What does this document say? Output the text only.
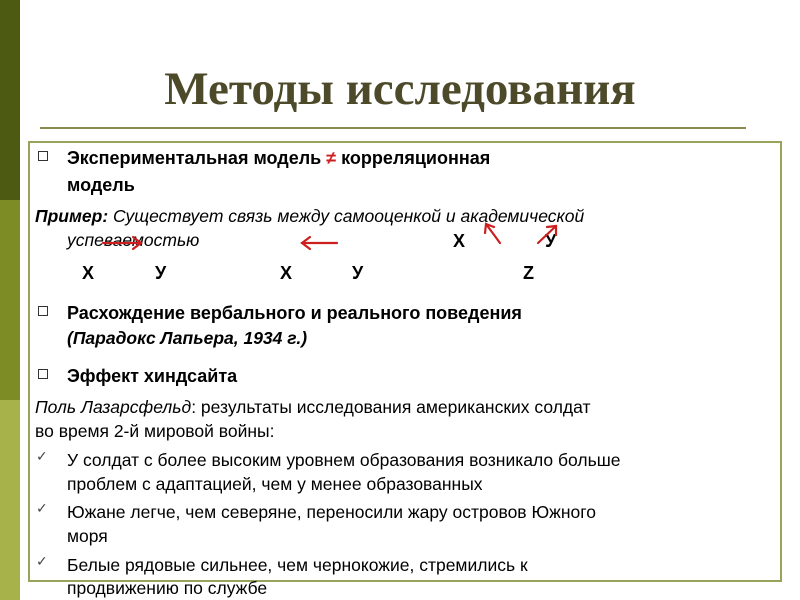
Методы исследования
Экспериментальная модель ≠ корреляционная
модель
Пример: Существует связь между самооценкой и академической
успеваемостью	X	У
X	У	X	У	Z
Расхождение вербального и реального поведения
(Парадокс Лапьера, 1934 г.)
Эффект хиндсайта
Поль Лазарсфельд: результаты исследования американских солдат
во время 2-й мировой войны:
✓ У солдат с более высоким уровнем образования возникало больше
проблем с адаптацией, чем у менее образованных
✓ Южане легче, чем северяне, переносили жару островов Южного
моря
✓ Белые рядовые сильнее, чем чернокожие, стремились к
продвижению по службе
